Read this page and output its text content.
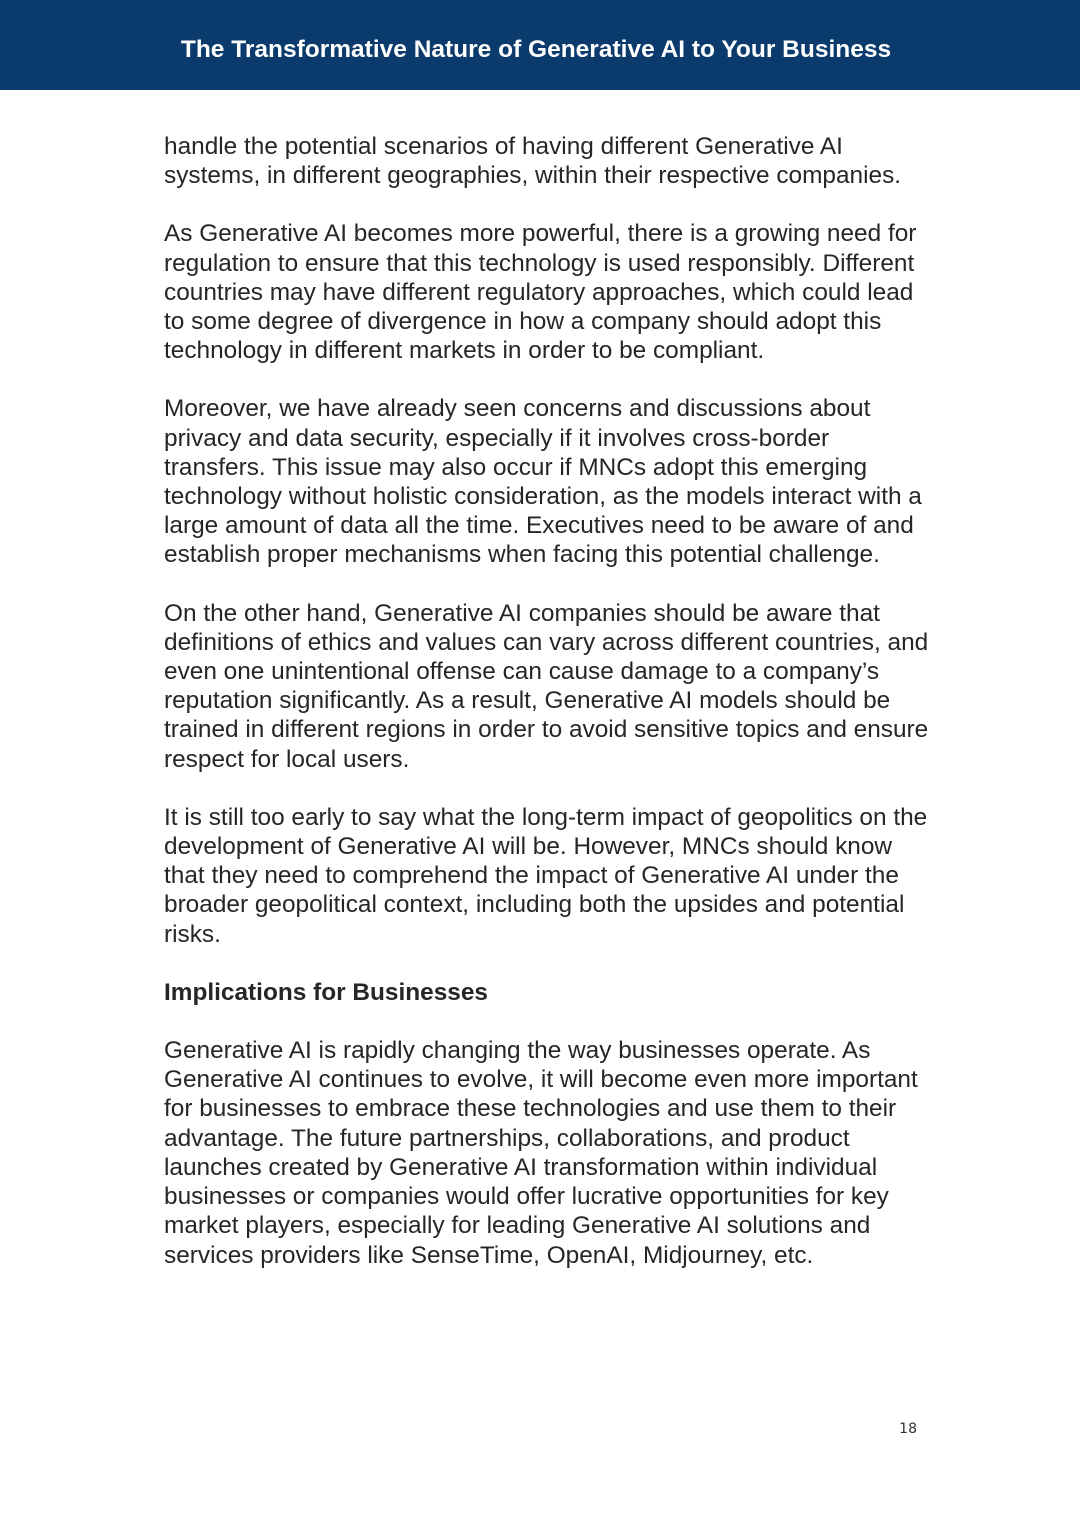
The Transformative Nature of Generative AI to Your Business

handle the potential scenarios of having different Generative AI systems, in different geographies, within their respective companies.

As Generative AI becomes more powerful, there is a growing need for regulation to ensure that this technology is used responsibly. Different countries may have different regulatory approaches, which could lead to some degree of divergence in how a company should adopt this technology in different markets in order to be compliant.

Moreover, we have already seen concerns and discussions about privacy and data security, especially if it involves cross-border transfers. This issue may also occur if MNCs adopt this emerging technology without holistic consideration, as the models interact with a large amount of data all the time. Executives need to be aware of and establish proper mechanisms when facing this potential challenge.

On the other hand, Generative AI companies should be aware that definitions of ethics and values can vary across different countries, and even one unintentional offense can cause damage to a company’s reputation significantly. As a result, Generative AI models should be trained in different regions in order to avoid sensitive topics and ensure respect for local users.

It is still too early to say what the long-term impact of geopolitics on the development of Generative AI will be. However, MNCs should know that they need to comprehend the impact of Generative AI under the broader geopolitical context, including both the upsides and potential risks.

Implications for Businesses

Generative AI is rapidly changing the way businesses operate. As Generative AI continues to evolve, it will become even more important for businesses to embrace these technologies and use them to their advantage. The future partnerships, collaborations, and product launches created by Generative AI transformation within individual businesses or companies would offer lucrative opportunities for key market players, especially for leading Generative AI solutions and services providers like SenseTime, OpenAI, Midjourney, etc.

18
